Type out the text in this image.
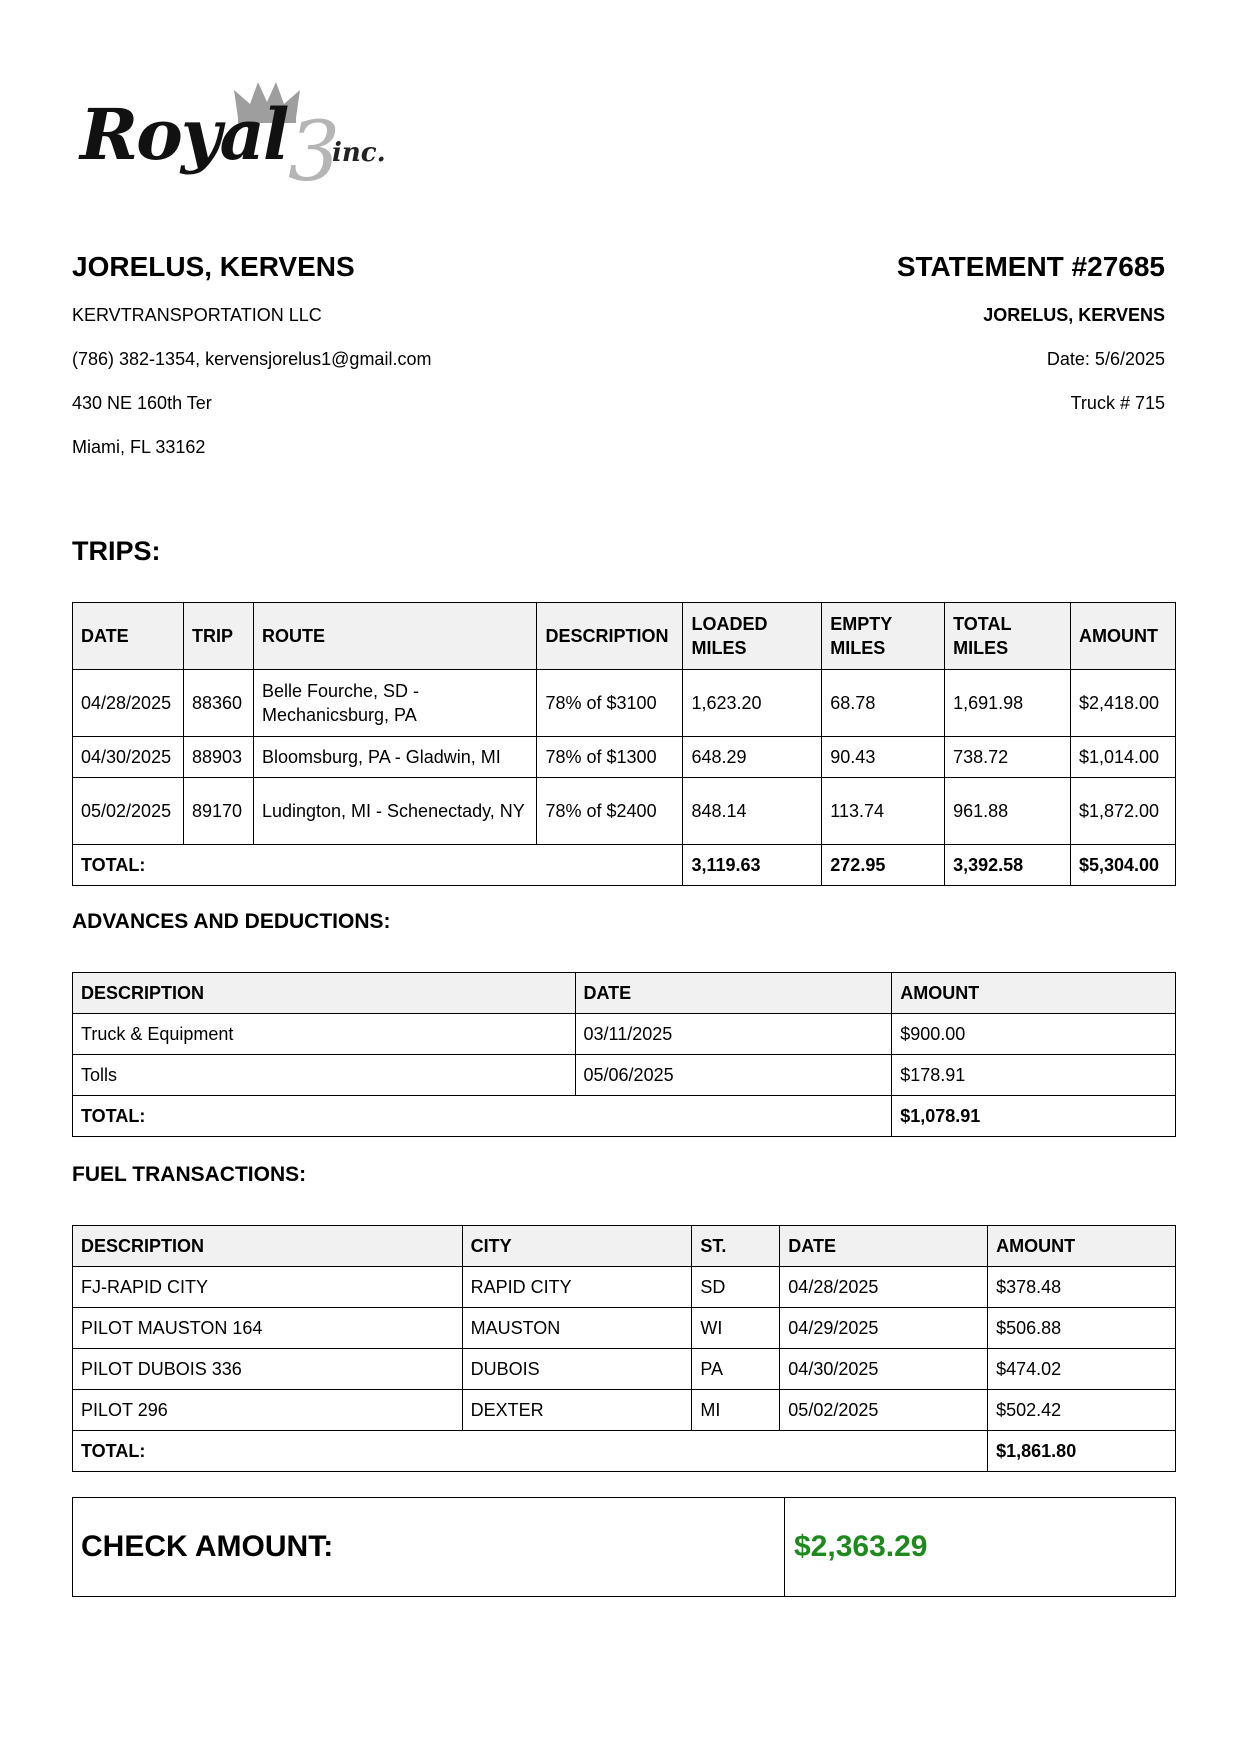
Royal 3
inc.
JORELUS, KERVENS
KERVTRANSPORTATION LLC
(786) 382-1354, kervensjorelus1@gmail.com
430 NE 160th Ter
Miami, FL 33162
STATEMENT #27685
JORELUS, KERVENS
Date: 5/6/2025
Truck # 715
TRIPS:
DATE	TRIP	ROUTE	DESCRIPTION	LOADED MILES	EMPTY MILES	TOTAL MILES	AMOUNT
04/28/2025	88360	Belle Fourche, SD - Mechanicsburg, PA	78% of $3100	1,623.20	68.78	1,691.98	$2,418.00
04/30/2025	88903	Bloomsburg, PA - Gladwin, MI	78% of $1300	648.29	90.43	738.72	$1,014.00
05/02/2025	89170	Ludington, MI - Schenectady, NY	78% of $2400	848.14	113.74	961.88	$1,872.00
TOTAL:				3,119.63	272.95	3,392.58	$5,304.00
ADVANCES AND DEDUCTIONS:
DESCRIPTION	DATE	AMOUNT
Truck & Equipment	03/11/2025	$900.00
Tolls	05/06/2025	$178.91
TOTAL:		$1,078.91
FUEL TRANSACTIONS:
DESCRIPTION	CITY	ST.	DATE	AMOUNT
FJ-RAPID CITY	RAPID CITY	SD	04/28/2025	$378.48
PILOT MAUSTON 164	MAUSTON	WI	04/29/2025	$506.88
PILOT DUBOIS 336	DUBOIS	PA	04/30/2025	$474.02
PILOT 296	DEXTER	MI	05/02/2025	$502.42
TOTAL:				$1,861.80
CHECK AMOUNT:	$2,363.29
